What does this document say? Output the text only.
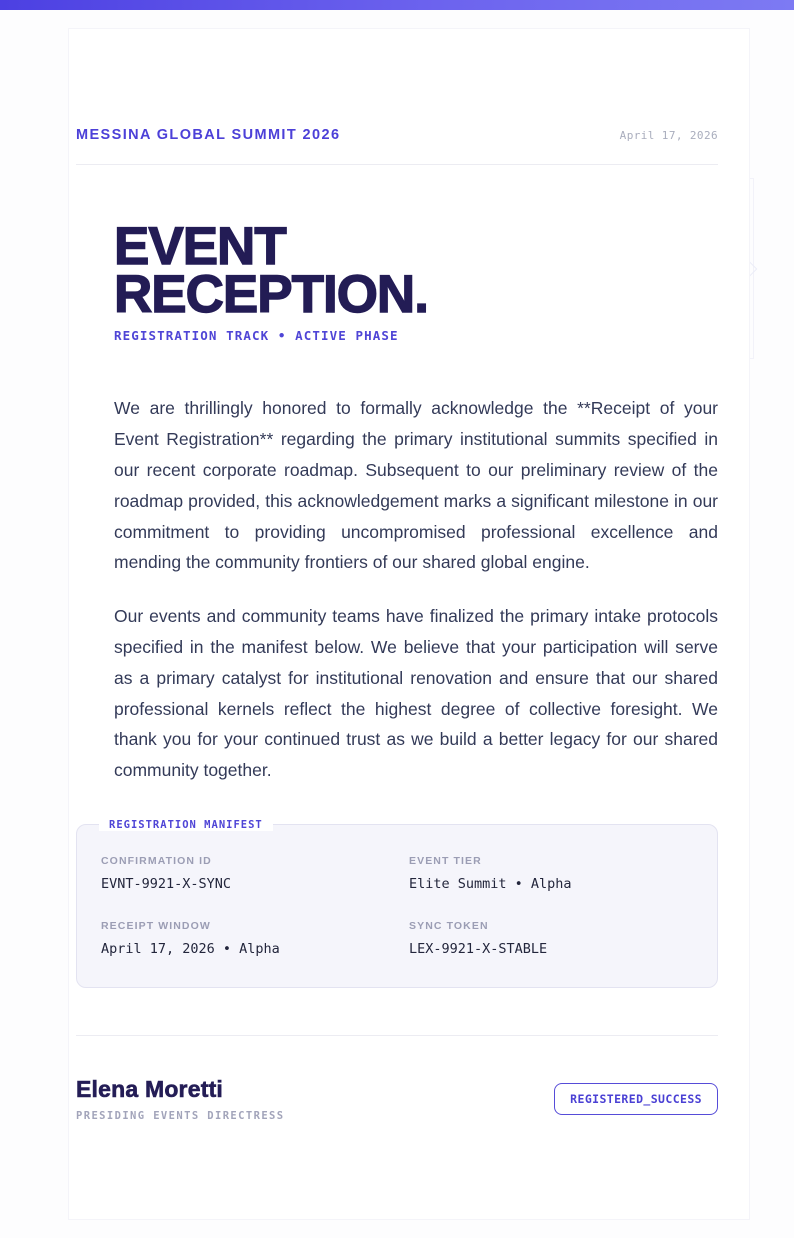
MESSINA GLOBAL SUMMIT 2026	April 17, 2026
EVENT
RECEPTION.
REGISTRATION TRACK • ACTIVE PHASE

We are thrillingly honored to formally acknowledge the **Receipt of your Event Registration** regarding the primary institutional summits specified in our recent corporate roadmap. Subsequent to our preliminary review of the roadmap provided, this acknowledgement marks a significant milestone in our commitment to providing uncompromised professional excellence and mending the community frontiers of our shared global engine.

Our events and community teams have finalized the primary intake protocols specified in the manifest below. We believe that your participation will serve as a primary catalyst for institutional renovation and ensure that our shared professional kernels reflect the highest degree of collective foresight. We thank you for your continued trust as we build a better legacy for our shared community together.

REGISTRATION MANIFEST
CONFIRMATION ID
EVNT-9921-X-SYNC
EVENT TIER
Elite Summit • Alpha
RECEIPT WINDOW
April 17, 2026 • Alpha
SYNC TOKEN
LEX-9921-X-STABLE
Elena Moretti
PRESIDING EVENTS DIRECTRESS
REGISTERED_SUCCESS
